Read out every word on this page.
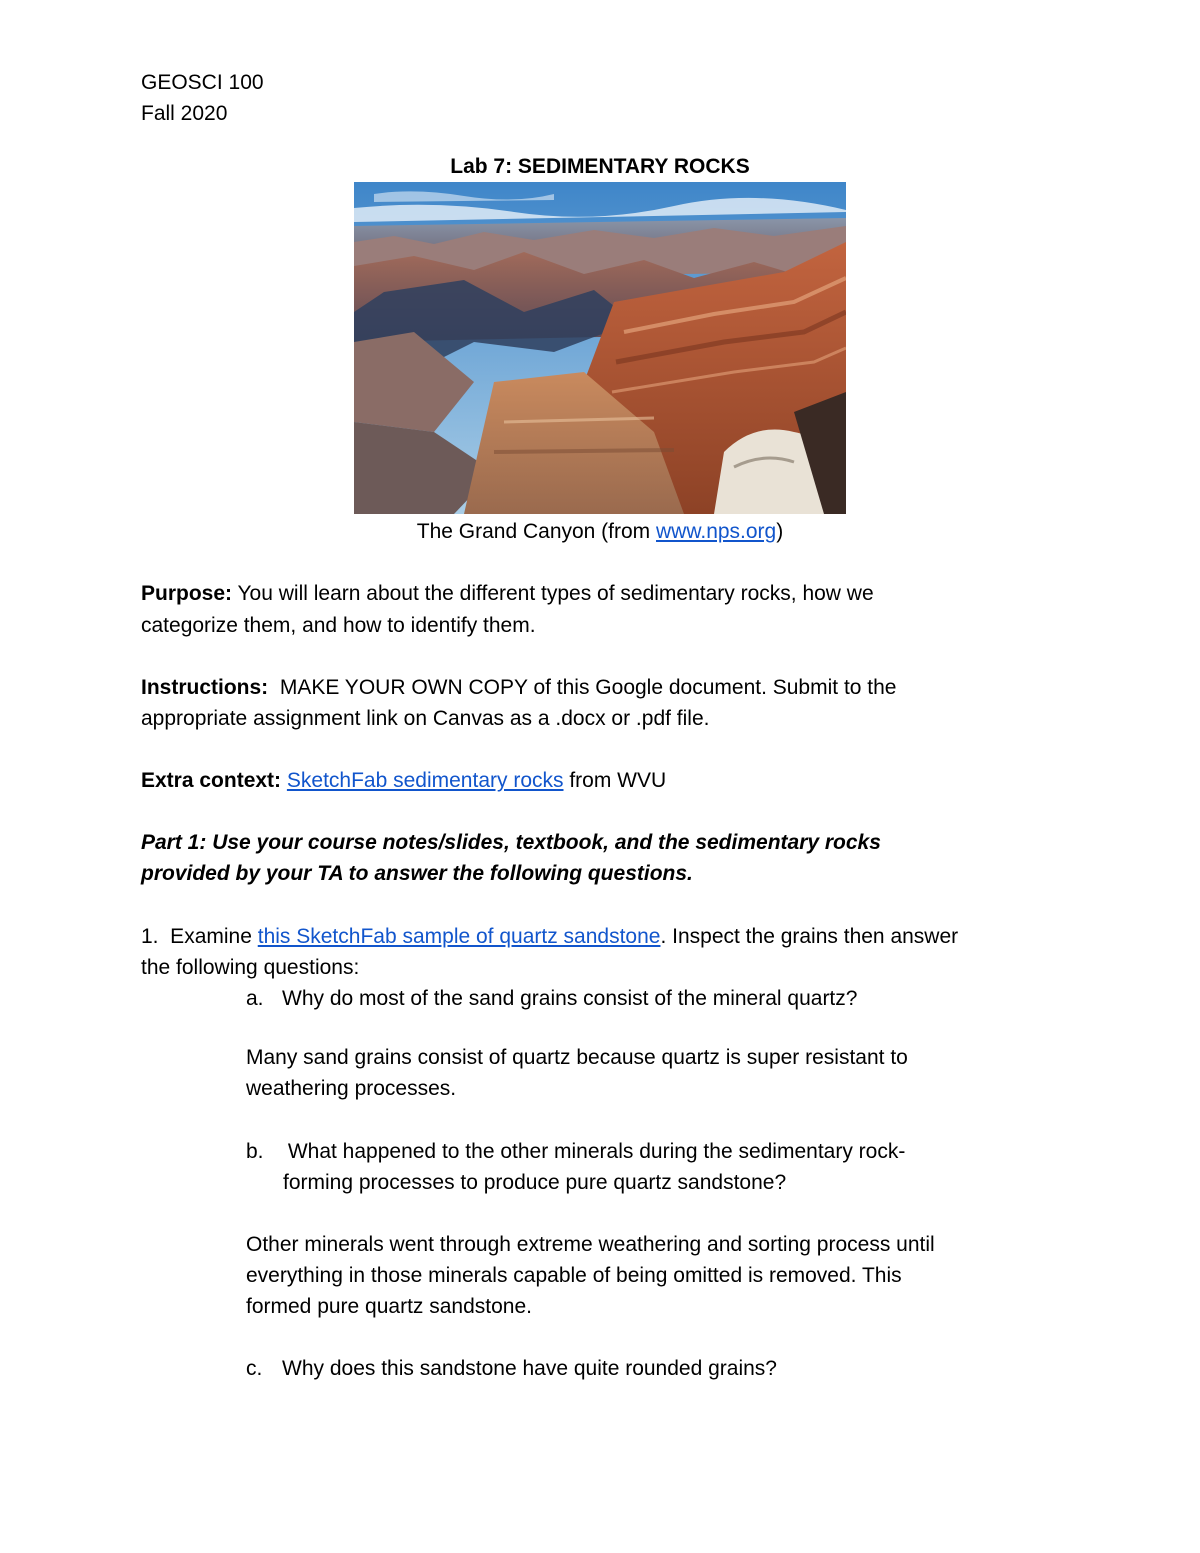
GEOSCI 100
Fall 2020
Lab 7: SEDIMENTARY ROCKS
The Grand Canyon (from www.nps.org)
Purpose: You will learn about the different types of sedimentary rocks, how we
categorize them, and how to identify them.
Instructions:  MAKE YOUR OWN COPY of this Google document. Submit to the
appropriate assignment link on Canvas as a .docx or .pdf file.
Extra context: SketchFab sedimentary rocks from WVU
Part 1: Use your course notes/slides, textbook, and the sedimentary rocks
provided by your TA to answer the following questions.
1.  Examine this SketchFab sample of quartz sandstone. Inspect the grains then answer
the following questions:
a. Why do most of the sand grains consist of the mineral quartz?
Many sand grains consist of quartz because quartz is super resistant to
weathering processes.
b. What happened to the other minerals during the sedimentary rock-
forming processes to produce pure quartz sandstone?
Other minerals went through extreme weathering and sorting process until
everything in those minerals capable of being omitted is removed. This
formed pure quartz sandstone.
c. Why does this sandstone have quite rounded grains?
